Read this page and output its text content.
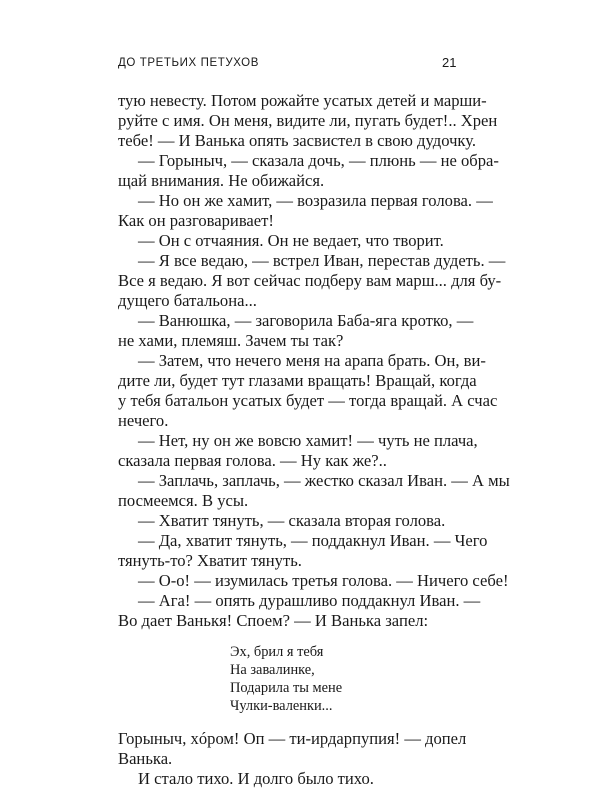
ДО ТРЕТЬИХ ПЕТУХОВ	21
тую невесту. Потом рожайте усатых детей и марши-
руйте с имя. Он меня, видите ли, пугать будет!.. Хрен
тебе! — И Ванька опять засвистел в свою дудочку.
— Горыныч, — сказала дочь, — плюнь — не обра-
щай внимания. Не обижайся.
— Но он же хамит, — возразила первая голова. —
Как он разговаривает!
— Он с отчаяния. Он не ведает, что творит.
— Я все ведаю, — встрел Иван, перестав дудеть. —
Все я ведаю. Я вот сейчас подберу вам марш... для бу-
дущего батальона...
— Ванюшка, — заговорила Баба-яга кротко, —
не хами, племяш. Зачем ты так?
— Затем, что нечего меня на арапа брать. Он, ви-
дите ли, будет тут глазами вращать! Вращай, когда
у тебя батальон усатых будет — тогда вращай. А счас
нечего.
— Нет, ну он же вовсю хамит! — чуть не плача,
сказала первая голова. — Ну как же?..
— Заплачь, заплачь, — жестко сказал Иван. — А мы
посмеемся. В усы.
— Хватит тянуть, — сказала вторая голова.
— Да, хватит тянуть, — поддакнул Иван. — Чего
тянуть-то? Хватит тянуть.
— О-о! — изумилась третья голова. — Ничего себе!
— Ага! — опять дурашливо поддакнул Иван. —
Во дает Ванькя! Споем? — И Ванька запел:
Эх, брил я тебя
На завалинке,
Подарила ты мене
Чулки-валенки...
Горыныч, хóром! Оп — ти-ирдарпупия! — допел
Ванька.
И стало тихо. И долго было тихо.
